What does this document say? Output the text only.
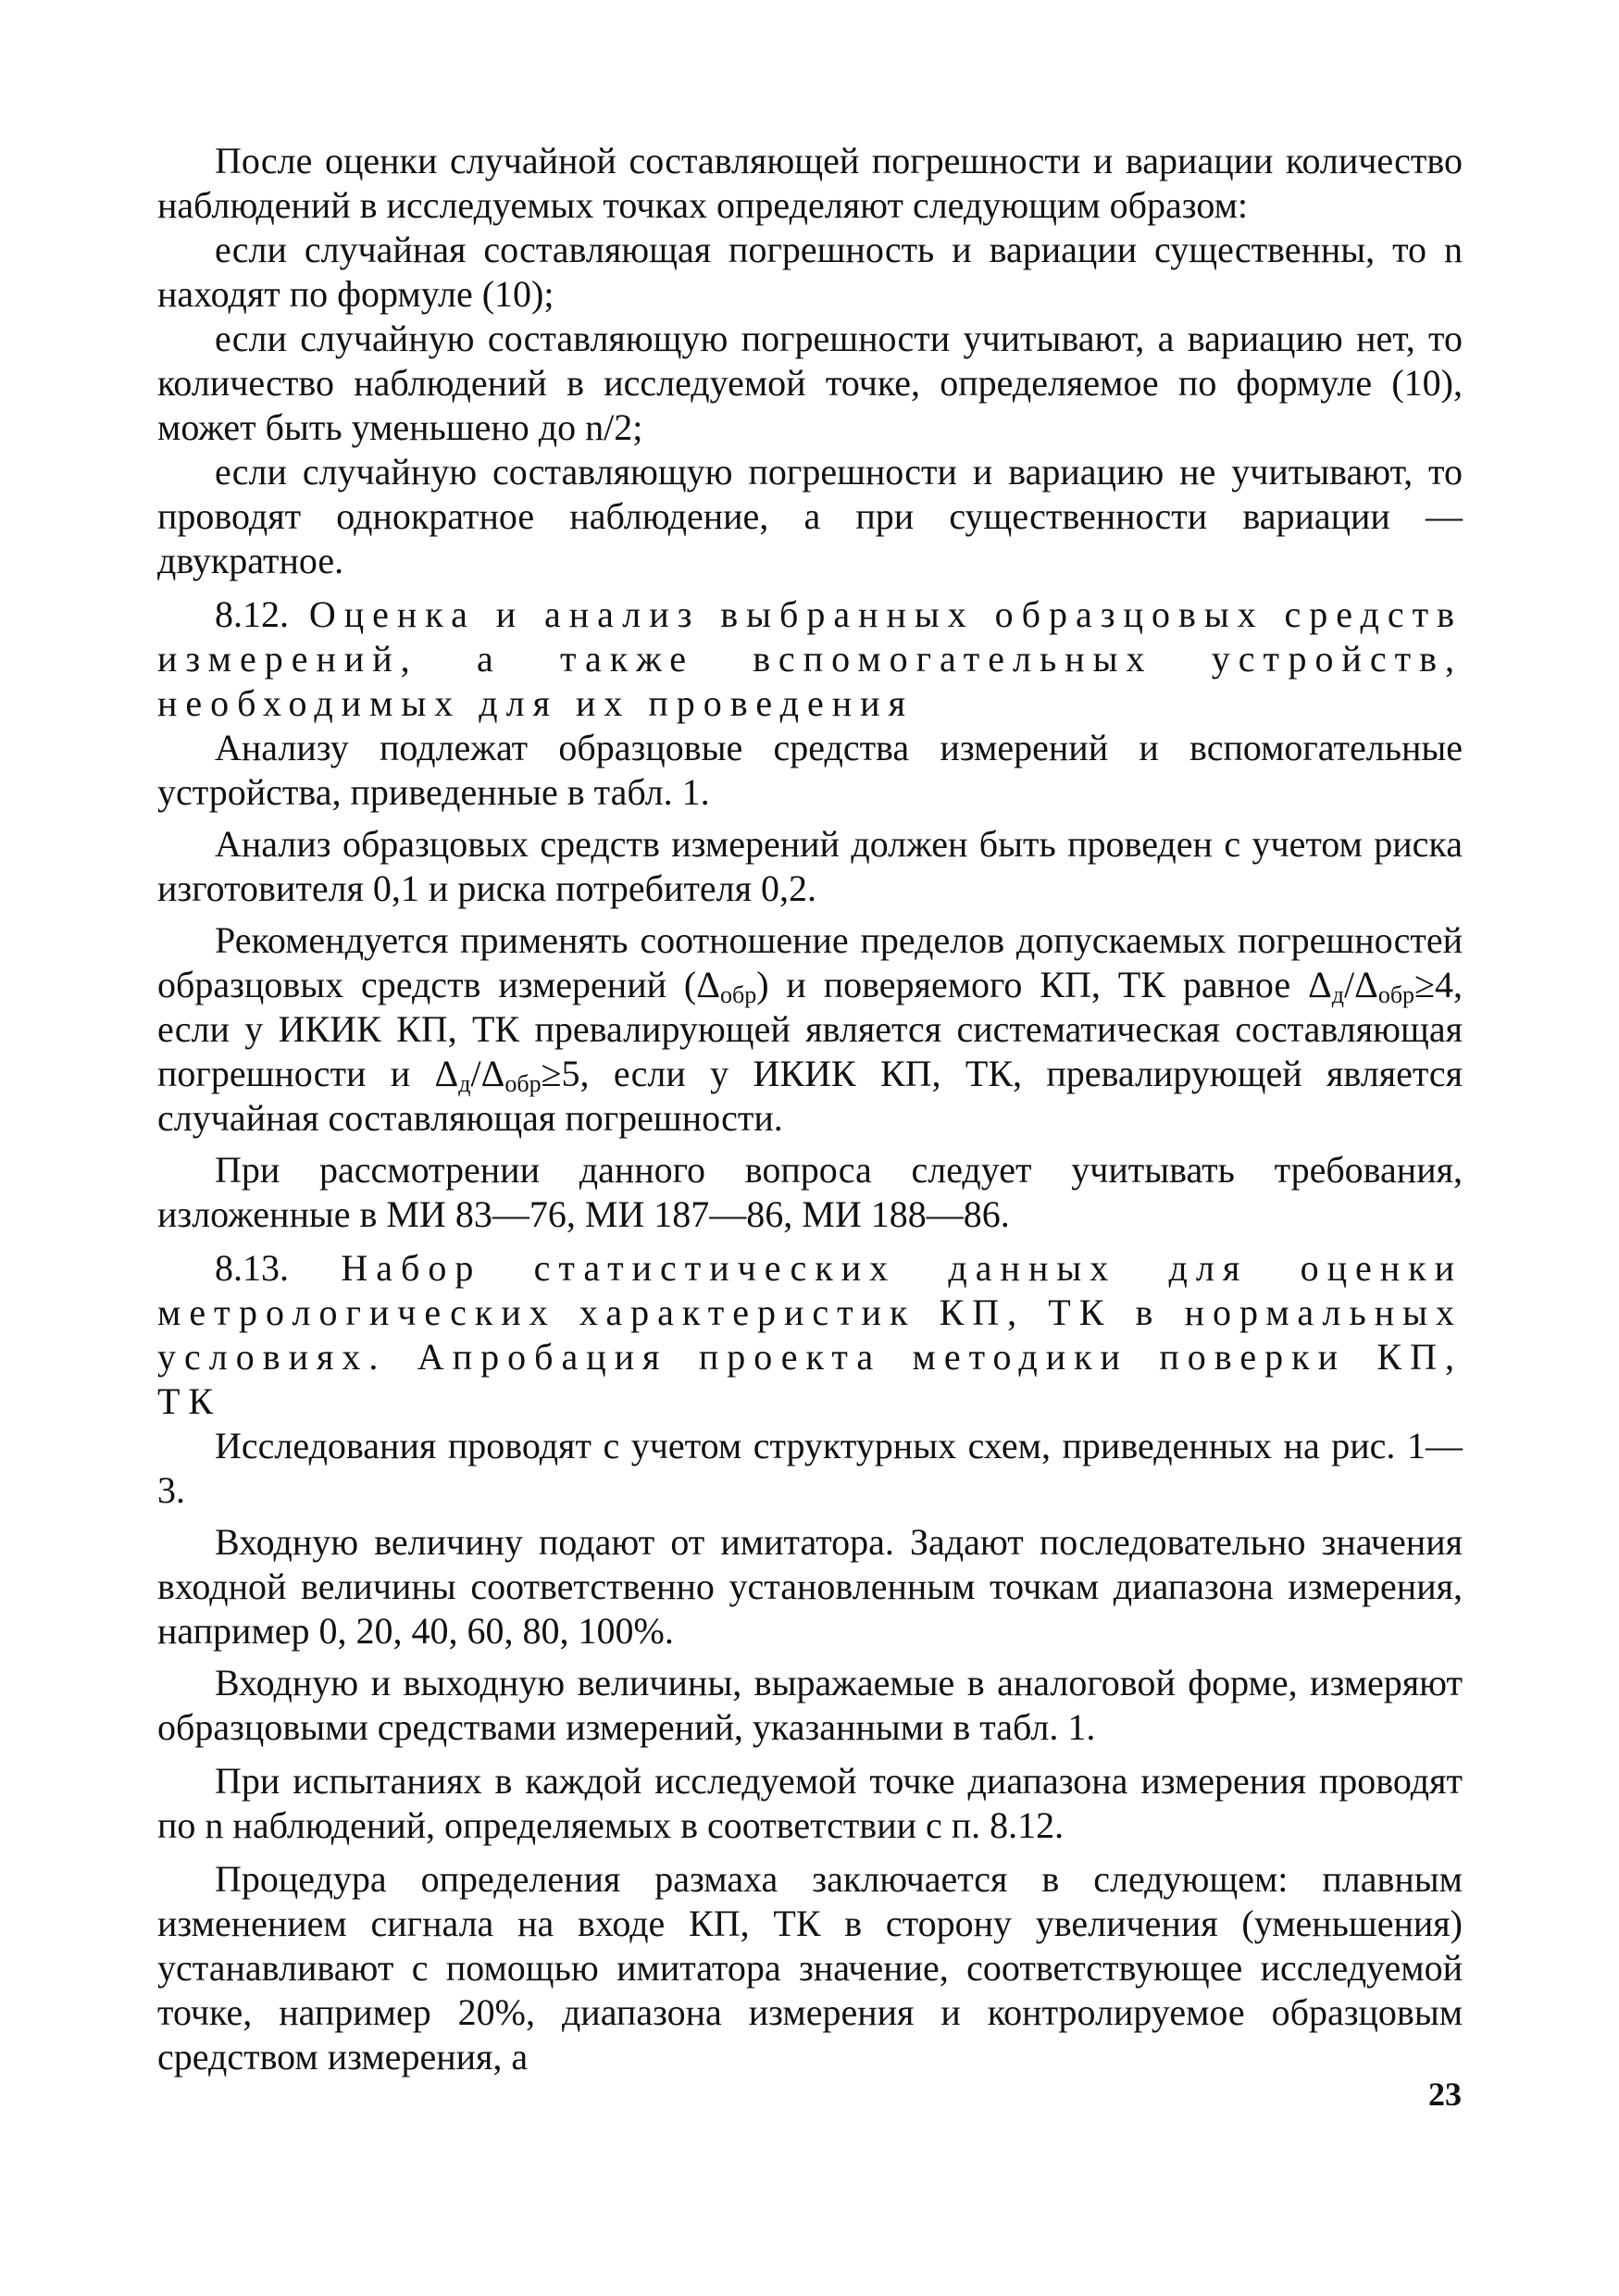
После оценки случайной составляющей погрешности и вариации количество наблюдений в исследуемых точках определяют следующим образом:

если случайная составляющая погрешность и вариации существенны, то n находят по формуле (10);

если случайную составляющую погрешности учитывают, а вариацию нет, то количество наблюдений в исследуемой точке, определяемое по формуле (10), может быть уменьшено до n/2;

если случайную составляющую погрешности и вариацию не учитывают, то проводят однократное наблюдение, а при существенности вариации — двукратное.

8.12. Оценка и анализ выбранных образцовых средств измерений, а также вспомогательных устройств, необходимых для их проведения

Анализу подлежат образцовые средства измерений и вспомогательные устройства, приведенные в табл. 1.

Анализ образцовых средств измерений должен быть проведен с учетом риска изготовителя 0,1 и риска потребителя 0,2.

Рекомендуется применять соотношение пределов допускаемых погрешностей образцовых средств измерений $(\Delta_{обр})$ и поверяемого КП, ТК равное $\Delta_д/\Delta_{обр}\ge 4$, если у ИКИК КП, ТК превалирующей является систематическая составляющая погрешности и $\Delta_д/\Delta_{обр}\ge 5$, если у ИКИК КП, ТК, превалирующей является случайная составляющая погрешности.

При рассмотрении данного вопроса следует учитывать требования, изложенные в МИ 83—76, МИ 187—86, МИ 188—86.

8.13. Набор статистических данных для оценки метрологических характеристик КП, ТК в нормальных условиях. Апробация проекта методики поверки КП, ТК

Исследования проводят с учетом структурных схем, приведенных на рис. 1—3.

Входную величину подают от имитатора. Задают последовательно значения входной величины соответственно установленным точкам диапазона измерения, например 0, 20, 40, 60, 80, 100%.

Входную и выходную величины, выражаемые в аналоговой форме, измеряют образцовыми средствами измерений, указанными в табл. 1.

При испытаниях в каждой исследуемой точке диапазона измерения проводят по n наблюдений, определяемых в соответствии с п. 8.12.

Процедура определения размаха заключается в следующем: плавным изменением сигнала на входе КП, ТК в сторону увеличения (уменьшения) устанавливают с помощью имитатора значение, соответствующее исследуемой точке, например 20%, диапазона измерения и контролируемое образцовым средством измерения, а

23
